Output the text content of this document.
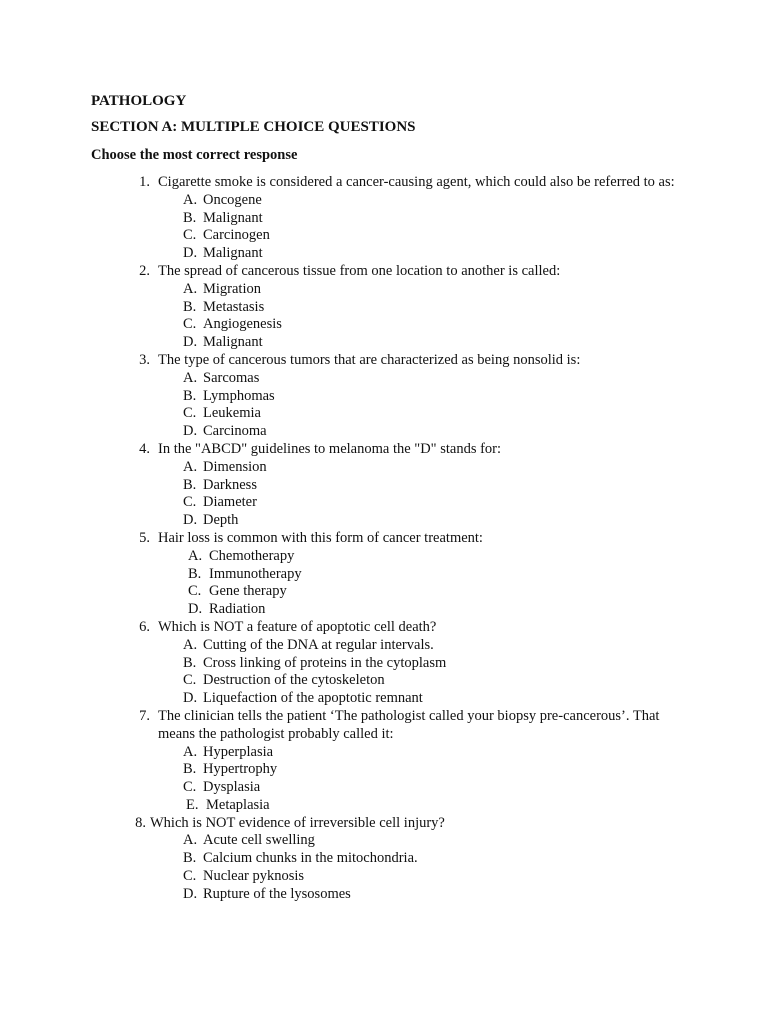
PATHOLOGY
SECTION A: MULTIPLE CHOICE QUESTIONS
Choose the most correct response
1. Cigarette smoke is considered a cancer-causing agent, which could also be referred to as:
A. Oncogene
B. Malignant
C. Carcinogen
D. Malignant
2. The spread of cancerous tissue from one location to another is called:
A. Migration
B. Metastasis
C. Angiogenesis
D. Malignant
3. The type of cancerous tumors that are characterized as being nonsolid is:
A. Sarcomas
B. Lymphomas
C. Leukemia
D. Carcinoma
4. In the "ABCD" guidelines to melanoma the "D" stands for:
A. Dimension
B. Darkness
C. Diameter
D. Depth
5. Hair loss is common with this form of cancer treatment:
A. Chemotherapy
B. Immunotherapy
C. Gene therapy
D. Radiation
6. Which is NOT a feature of apoptotic cell death?
A. Cutting of the DNA at regular intervals.
B. Cross linking of proteins in the cytoplasm
C. Destruction of the cytoskeleton
D. Liquefaction of the apoptotic remnant
7. The clinician tells the patient ‘The pathologist called your biopsy pre-cancerous’. That means the pathologist probably called it:
A. Hyperplasia
B. Hypertrophy
C. Dysplasia
E. Metaplasia
8. Which is NOT evidence of irreversible cell injury?
A. Acute cell swelling
B. Calcium chunks in the mitochondria.
C. Nuclear pyknosis
D. Rupture of the lysosomes
